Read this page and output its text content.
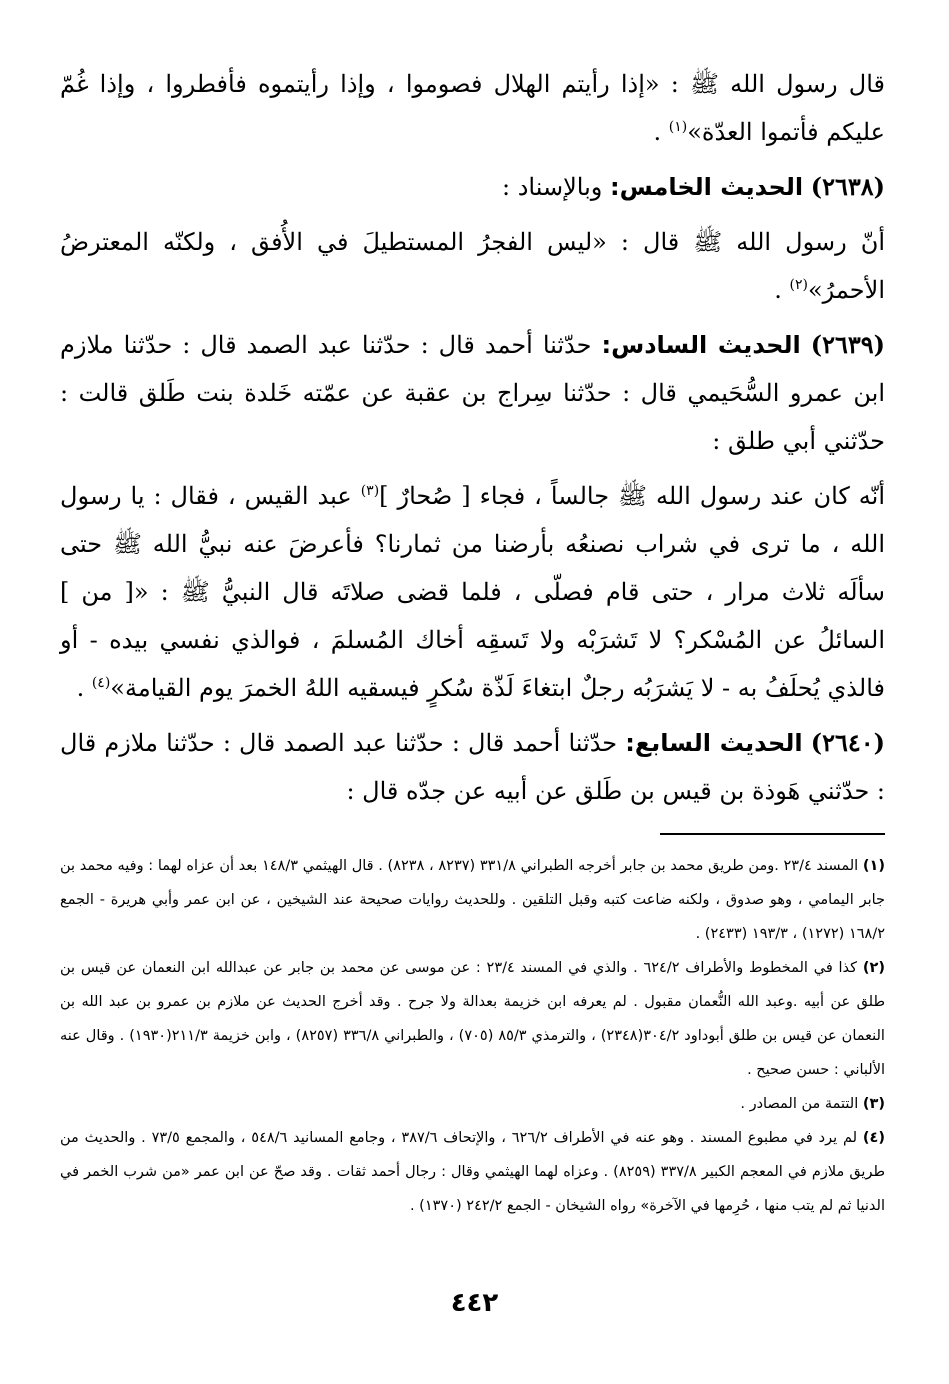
قال رسول الله ﷺ : «إذا رأيتم الهلال فصوموا ، وإذا رأيتموه فأفطروا ، وإذا غُمّ عليكم فأتموا العدّة»$^{(١)}$ .

(٢٦٣٨) الحديث الخامس: وبالإسناد :

أنّ رسول الله ﷺ قال : «ليس الفجرُ المستطيلَ في الأُفق ، ولكنّه المعترضُ الأحمرُ»$^{(٢)}$ .

(٢٦٣٩) الحديث السادس: حدّثنا أحمد قال : حدّثنا عبد الصمد قال : حدّثنا ملازم ابن عمرو السُّحَيمي قال : حدّثنا سِراج بن عقبة عن عمّته خَلدة بنت طَلق قالت : حدّثني أبي طلق :

أنّه كان عند رسول الله ﷺ جالساً ، فجاء [ صُحارٌ ]$^{(٣)}$ عبد القيس ، فقال : يا رسول الله ، ما ترى في شراب نصنعُه بأرضنا من ثمارنا؟ فأعرضَ عنه نبيُّ الله ﷺ حتى سألَه ثلاث مرار ، حتى قام فصلّى ، فلما قضى صلاتَه قال النبيُّ ﷺ : «[ من ] السائلُ عن المُسْكر؟ لا تَشرَبْه ولا تَسقِه أخاك المُسلمَ ، فوالذي نفسي بيده - أو فالذي يُحلَفُ به - لا يَشرَبُه رجلٌ ابتغاءَ لَذّة سُكرٍ فيسقيه اللهُ الخمرَ يوم القيامة»$^{(٤)}$ .

(٢٦٤٠) الحديث السابع: حدّثنا أحمد قال : حدّثنا عبد الصمد قال : حدّثنا ملازم قال : حدّثني هَوذة بن قيس بن طَلق عن أبيه عن جدّه قال :

(١) المسند ٢٣/٤ .ومن طريق محمد بن جابر أخرجه الطبراني ٣٣١/٨ (٨٢٣٧ ، ٨٢٣٨) . قال الهيثمي ١٤٨/٣ بعد أن عزاه لهما : وفيه محمد بن جابر اليمامي ، وهو صدوق ، ولكنه ضاعت كتبه وقبل التلقين . وللحديث روايات صحيحة عند الشيخين ، عن ابن عمر وأبي هريرة - الجمع ١٦٨/٢ (١٢٧٢) ، ١٩٣/٣ (٢٤٣٣) .

(٢) كذا في المخطوط والأطراف ٦٢٤/٢ . والذي في المسند ٢٣/٤ : عن موسى عن محمد بن جابر عن عبدالله ابن النعمان عن قيس بن طلق عن أبيه .وعبد الله النُّعمان مقبول . لم يعرفه ابن خزيمة بعدالة ولا جرح . وقد أخرج الحديث عن ملازم بن عمرو بن عبد الله بن النعمان عن قيس بن طلق أبوداود ٣٠٤/٢(٢٣٤٨) ، والترمذي ٨٥/٣ (٧٠٥) ، والطبراني ٣٣٦/٨ (٨٢٥٧) ، وابن خزيمة ٢١١/٣(١٩٣٠) . وقال عنه الألباني : حسن صحيح .

(٣) التتمة من المصادر .

(٤) لم يرد في مطبوع المسند . وهو عنه في الأطراف ٦٢٦/٢ ، والإتحاف ٣٨٧/٦ ، وجامع المسانيد ٥٤٨/٦ ، والمجمع ٧٣/٥ . والحديث من طريق ملازم في المعجم الكبير ٣٣٧/٨ (٨٢٥٩) . وعزاه لهما الهيثمي وقال : رجال أحمد ثقات . وقد صحّ عن ابن عمر «من شرب الخمر في الدنيا ثم لم يتب منها ، حُرِمها في الآخرة» رواه الشيخان - الجمع ٢٤٢/٢ (١٣٧٠) .

٤٤٢
